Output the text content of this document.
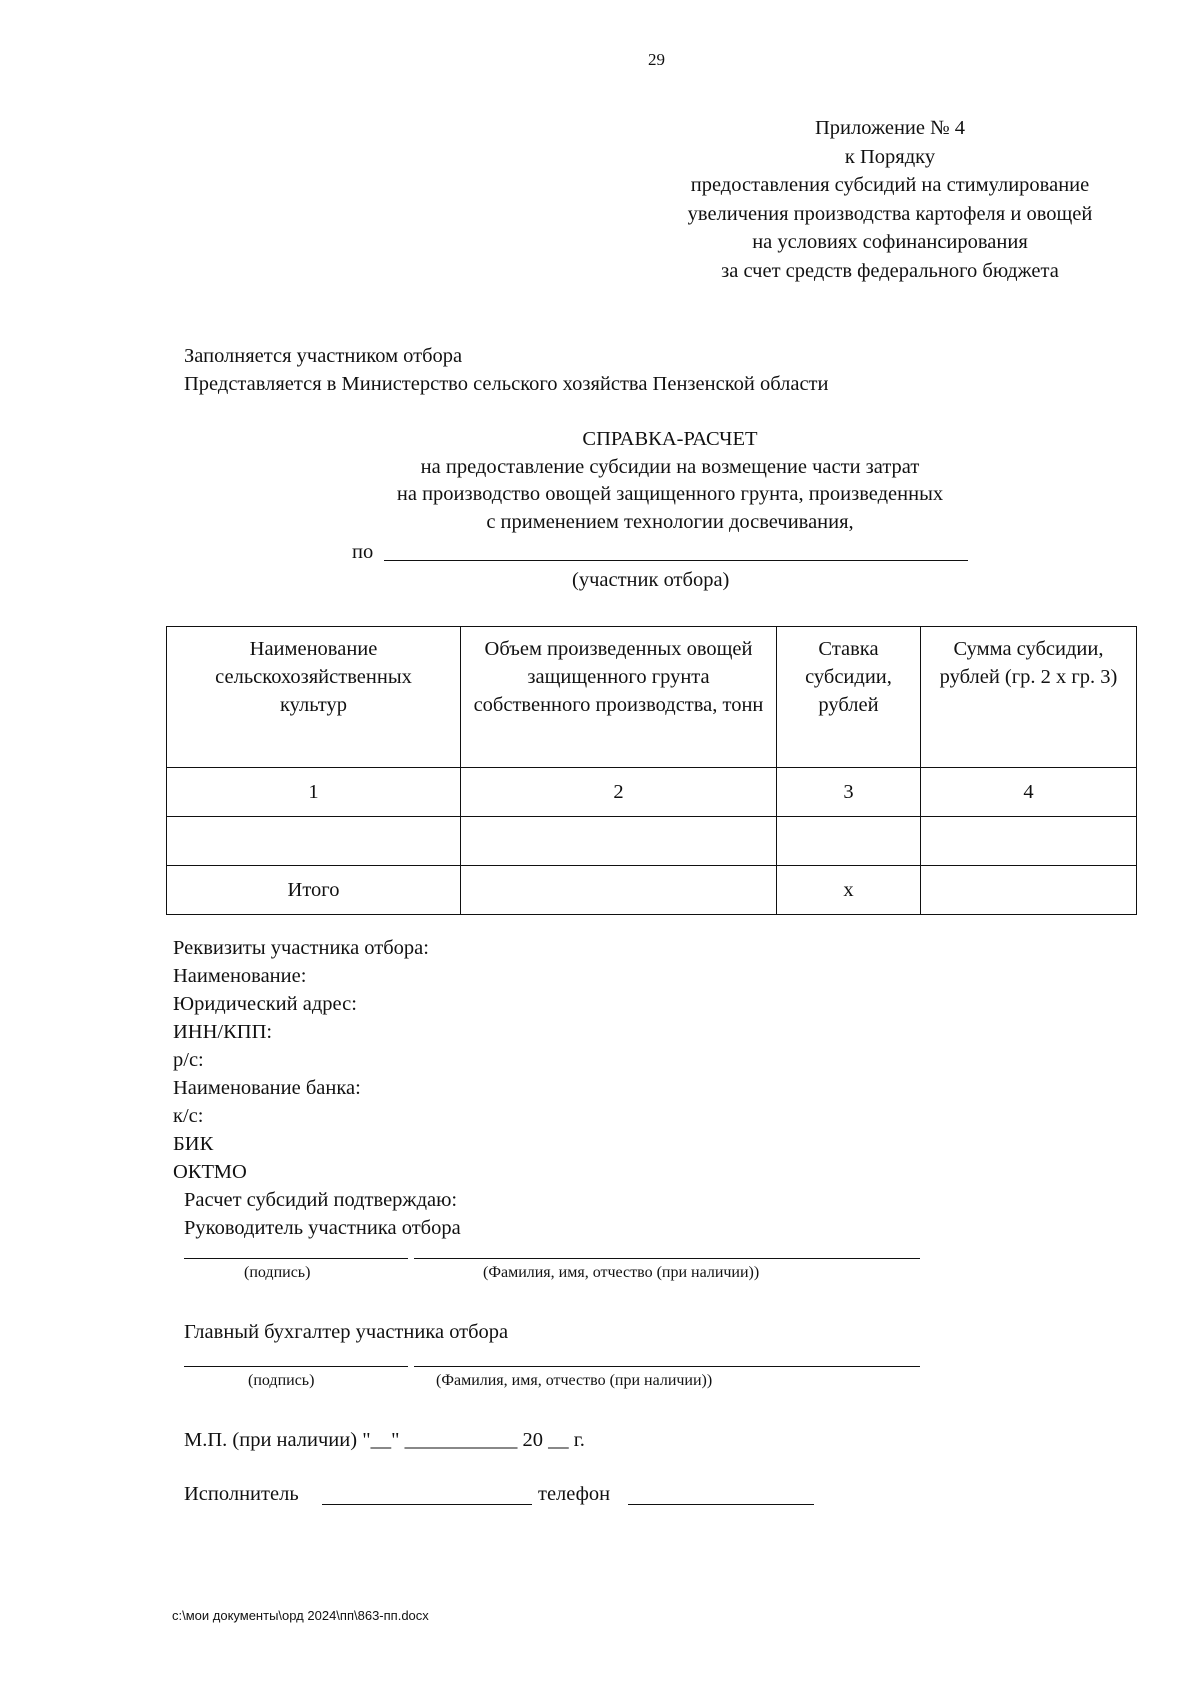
29
Приложение № 4
к Порядку
предоставления субсидий на стимулирование
увеличения производства картофеля и овощей
на условиях софинансирования
за счет средств федерального бюджета
Заполняется участником отбора
Представляется в Министерство сельского хозяйства Пензенской области
СПРАВКА-РАСЧЕТ
на предоставление субсидии на возмещение части затрат
на производство овощей защищенного грунта, произведенных
с применением технологии досвечивания,
по
(участник отбора)
Наименование сельскохозяйственных культур	Объем произведенных овощей защищенного грунта собственного производства, тонн	Ставка субсидии, рублей	Сумма субсидии, рублей (гр. 2 x гр. 3)

1	2	3	4

Итого		x	
Реквизиты участника отбора:
Наименование:
Юридический адрес:
ИНН/КПП:
р/с:
Наименование банка:
к/с:
БИК
ОКТМО
Расчет субсидий подтверждаю:
Руководитель участника отбора
(подпись)	(Фамилия, имя, отчество (при наличии))
Главный бухгалтер участника отбора
(подпись)	(Фамилия, имя, отчество (при наличии))
М.П. (при наличии) "__" ___________ 20 __ г.
Исполнитель	телефон
c:\мои документы\орд 2024\пп\863-пп.docx
